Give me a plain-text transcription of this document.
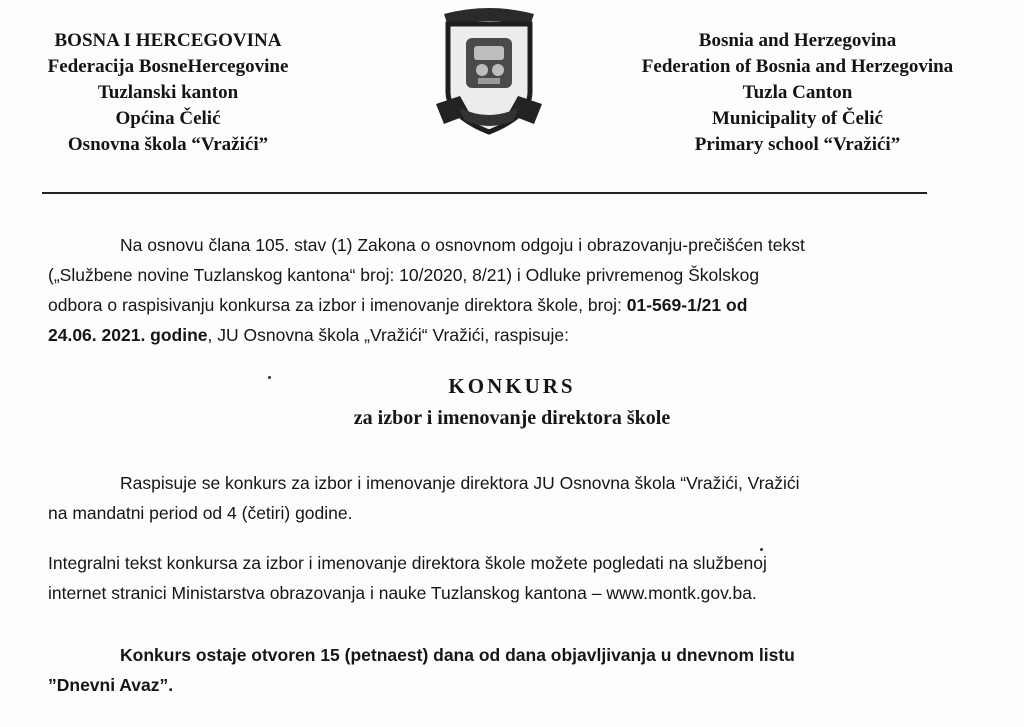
BOSNA I HERCEGOVINA
Federacija BosneHercegovine
Tuzlanski kanton
Općina Čelić
Osnovna škola “Vražići”
Bosnia and Herzegovina
Federation of Bosnia and Herzegovina
Tuzla Canton
Municipality of Čelić
Primary school “Vražići”
Na osnovu člana 105. stav (1) Zakona o osnovnom odgoju i obrazovanju-prečišćen tekst
(„Službene novine Tuzlanskog kantona“ broj: 10/2020, 8/21) i Odluke privremenog Školskog
odbora o raspisivanju konkursa za izbor i imenovanje direktora škole, broj: 01-569-1/21 od
24.06. 2021. godine, JU Osnovna škola „Vražići“ Vražići, raspisuje:
KONKURS
za izbor i imenovanje direktora škole
Raspisuje se konkurs za izbor i imenovanje direktora JU Osnovna škola “Vražići, Vražići
na mandatni period od 4 (četiri) godine.
Integralni tekst konkursa za izbor i imenovanje direktora škole možete pogledati na službenoj
internet stranici Ministarstva obrazovanja i nauke Tuzlanskog kantona – www.montk.gov.ba.
Konkurs ostaje otvoren 15 (petnaest) dana od dana objavljivanja u dnevnom listu
”Dnevni Avaz”.
